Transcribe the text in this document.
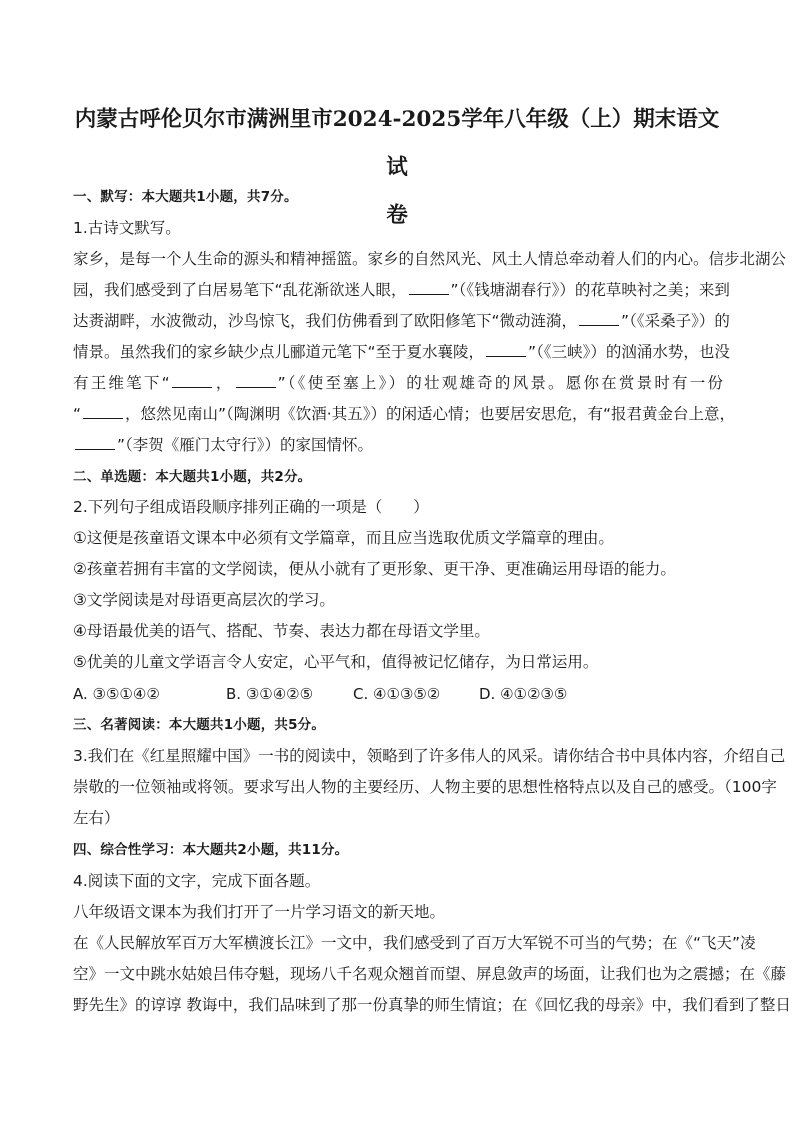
内蒙古呼伦贝尔市满洲里市2024-2025学年八年级（上）期末语文试
卷
一、默写：本大题共1小题，共7分。
1.古诗文默写。
家乡，是每一个人生命的源头和精神摇篮。家乡的自然风光、风土人情总牵动着人们的内心。信步北湖公
园，我们感受到了白居易笔下“乱花渐欲迷人眼，	”（《钱塘湖春行》）的花草映衬之美；来到
达赉湖畔，水波微动，沙鸟惊飞，我们仿佛看到了欧阳修笔下“微动涟漪，	”（《采桑子》）的
情景。虽然我们的家乡缺少点儿郦道元笔下“至于夏水襄陵，	”（《三峡》）的汹涌水势，也没
有王维笔下“	，	”（《使至塞上》）的壮观雄奇的风景。愿你在赏景时有一份
“	，悠然见南山”（陶渊明《饮酒·其五》）的闲适心情；也要居安思危，有“报君黄金台上意，
”（李贺《雁门太守行》）的家国情怀。
二、单选题：本大题共1小题，共2分。
2.下列句子组成语段顺序排列正确的一项是（　　）
①这便是孩童语文课本中必须有文学篇章，而且应当选取优质文学篇章的理由。
②孩童若拥有丰富的文学阅读，便从小就有了更形象、更干净、更准确运用母语的能力。
③文学阅读是对母语更高层次的学习。
④母语最优美的语气、搭配、节奏、表达力都在母语文学里。
⑤优美的儿童文学语言令人安定，心平气和，值得被记忆储存，为日常运用。
A. ③⑤①④②	B. ③①④②⑤	C. ④①③⑤②	D. ④①②③⑤
三、名著阅读：本大题共1小题，共5分。
3.我们在《红星照耀中国》一书的阅读中，领略到了许多伟人的风采。请你结合书中具体内容，介绍自己
崇敬的一位领袖或将领。要求写出人物的主要经历、人物主要的思想性格特点以及自己的感受。（100字
左右）
四、综合性学习：本大题共2小题，共11分。
4.阅读下面的文字，完成下面各题。
八年级语文课本为我们打开了一片学习语文的新天地。
在《人民解放军百万大军横渡长江》一文中，我们感受到了百万大军锐不可当的气势；在《“飞天”凌
空》一文中跳水姑娘吕伟夺魁，现场八千名观众翘首而望、屏息敛声的场面，让我们也为之震撼；在《藤
野先生》的谆谆 教诲中，我们品味到了那一份真挚的师生情谊；在《回忆我的母亲》中，我们看到了整日
